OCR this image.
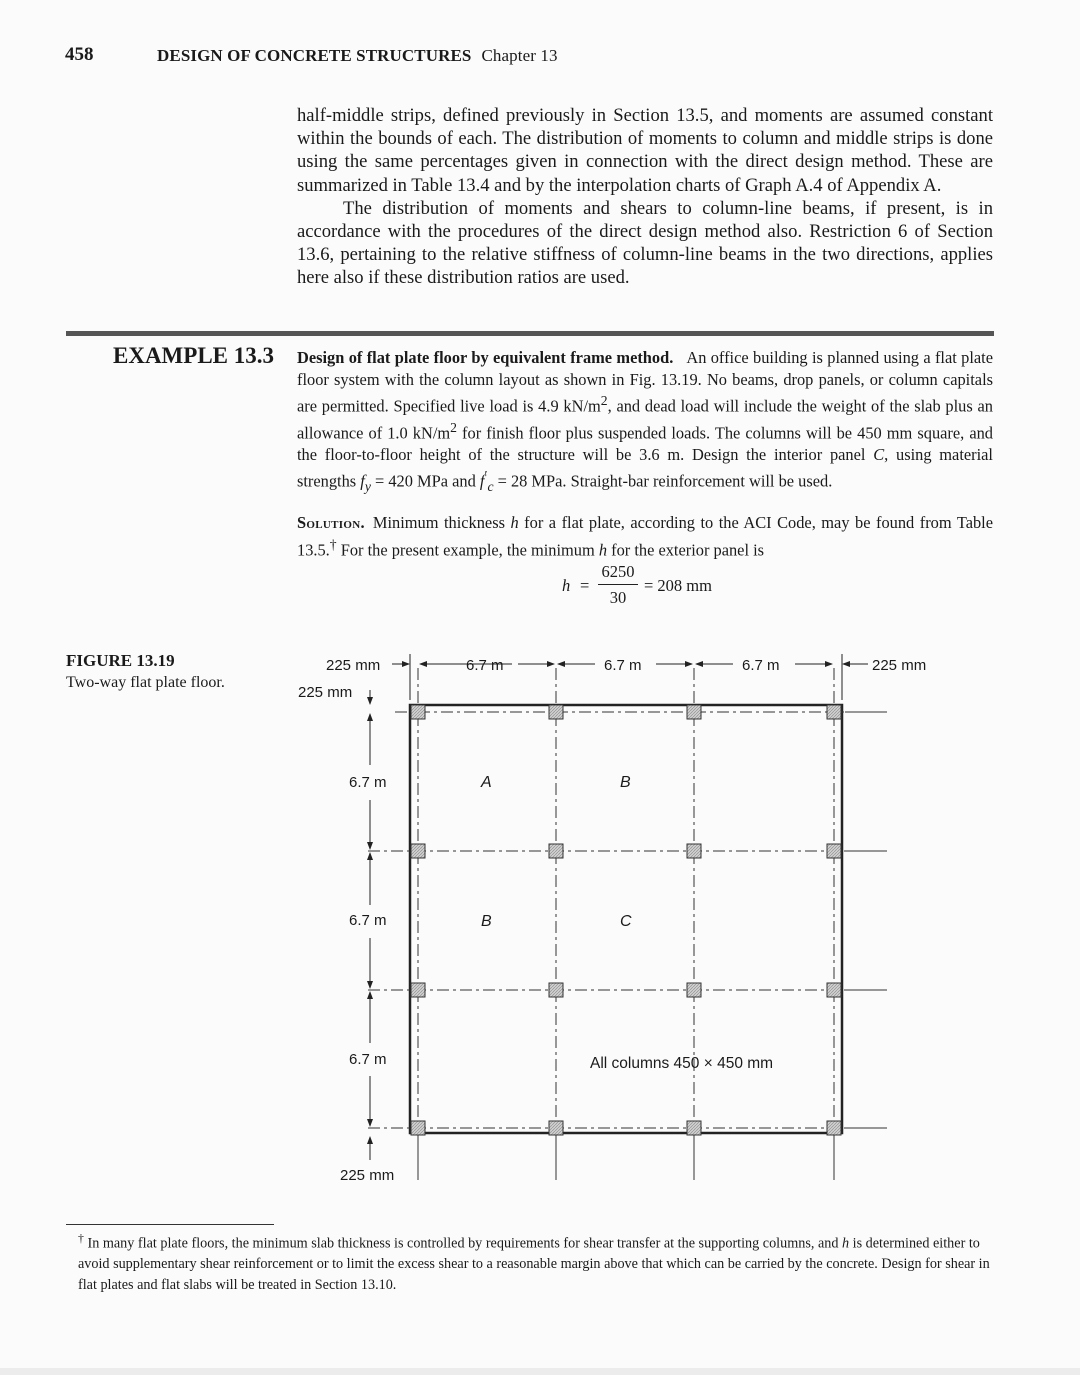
458	DESIGN OF CONCRETE STRUCTURES Chapter 13

half-middle strips, defined previously in Section 13.5, and moments are assumed constant within the bounds of each. The distribution of moments to column and middle strips is done using the same percentages given in connection with the direct design method. These are summarized in Table 13.4 and by the interpolation charts of Graph A.4 of Appendix A.

The distribution of moments and shears to column-line beams, if present, is in accordance with the procedures of the direct design method also. Restriction 6 of Section 13.6, pertaining to the relative stiffness of column-line beams in the two directions, applies here also if these distribution ratios are used.

EXAMPLE 13.3 Design of flat plate floor by equivalent frame method. An office building is planned using a flat plate floor system with the column layout as shown in Fig. 13.19. No beams, drop panels, or column capitals are permitted. Specified live load is 4.9 $kN/m^2$, and dead load will include the weight of the slab plus an allowance of 1.0 $kN/m^2$ for finish floor plus suspended loads. The columns will be 450 mm square, and the floor-to-floor height of the structure will be 3.6 m. Design the interior panel C, using material strengths $f_y = 420$ MPa and $f'_c = 28$ MPa. Straight-bar reinforcement will be used.

Solution. Minimum thickness h for a flat plate, according to the ACI Code, may be found from Table 13.5.† For the present example, the minimum h for the exterior panel is

h =
6250
30
= 208 mm
FIGURE 13.19
Two-way flat plate floor.
225 mm	6.7 m	6.7 m	6.7 m	225 mm
225 mm
6.7 m
6.7 m
6.7 m
225 mm
A	B
B	C
All columns 450 × 450 mm

† In many flat plate floors, the minimum slab thickness is controlled by requirements for shear transfer at the supporting columns, and h is determined either to avoid supplementary shear reinforcement or to limit the excess shear to a reasonable margin above that which can be carried by the concrete. Design for shear in flat plates and flat slabs will be treated in Section 13.10.
